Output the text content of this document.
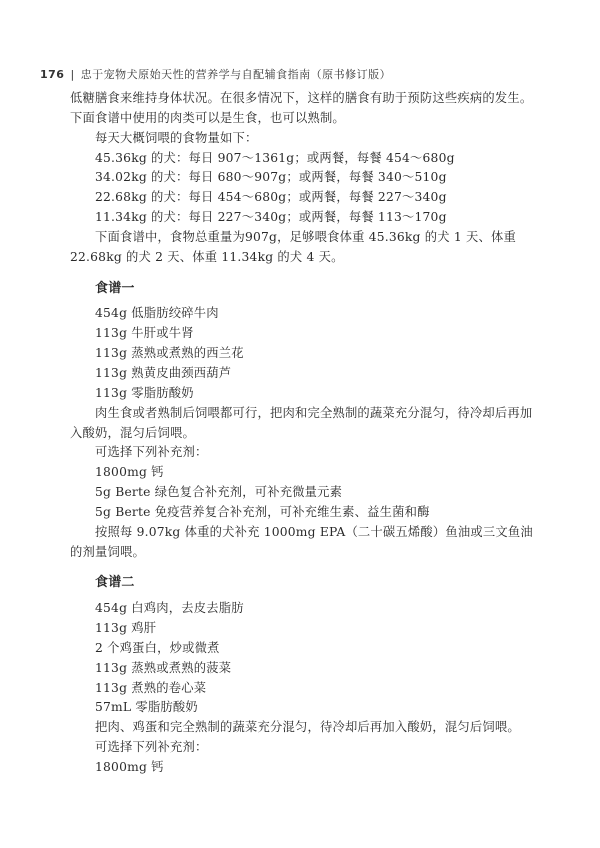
176 | 忠于宠物犬原始天性的营养学与自配辅食指南（原书修订版）

低糖膳食来维持身体状况。在很多情况下，这样的膳食有助于预防这些疾病的发生。下面食谱中使用的肉类可以是生食，也可以熟制。

每天大概饲喂的食物量如下：
45.36kg 的犬：每日 907～1361g；或两餐，每餐 454～680g
34.02kg 的犬：每日 680～907g；或两餐，每餐 340～510g
22.68kg 的犬：每日 454～680g；或两餐，每餐 227～340g
11.34kg 的犬：每日 227～340g；或两餐，每餐 113～170g

下面食谱中，食物总重量为907g，足够喂食体重 45.36kg 的犬 1 天、体重 22.68kg 的犬 2 天、体重 11.34kg 的犬 4 天。

食谱一

454g 低脂肪绞碎牛肉
113g 牛肝或牛肾
113g 蒸熟或煮熟的西兰花
113g 熟黄皮曲颈西葫芦
113g 零脂肪酸奶

肉生食或者熟制后饲喂都可行，把肉和完全熟制的蔬菜充分混匀，待冷却后再加入酸奶，混匀后饲喂。

可选择下列补充剂：
1800mg 钙
5g Berte 绿色复合补充剂，可补充微量元素
5g Berte 免疫营养复合补充剂，可补充维生素、益生菌和酶

按照每 9.07kg 体重的犬补充 1000mg EPA（二十碳五烯酸）鱼油或三文鱼油的剂量饲喂。

食谱二

454g 白鸡肉，去皮去脂肪
113g 鸡肝
2 个鸡蛋白，炒或微煮
113g 蒸熟或煮熟的菠菜
113g 煮熟的卷心菜
57mL 零脂肪酸奶

把肉、鸡蛋和完全熟制的蔬菜充分混匀，待冷却后再加入酸奶，混匀后饲喂。

可选择下列补充剂：
1800mg 钙
